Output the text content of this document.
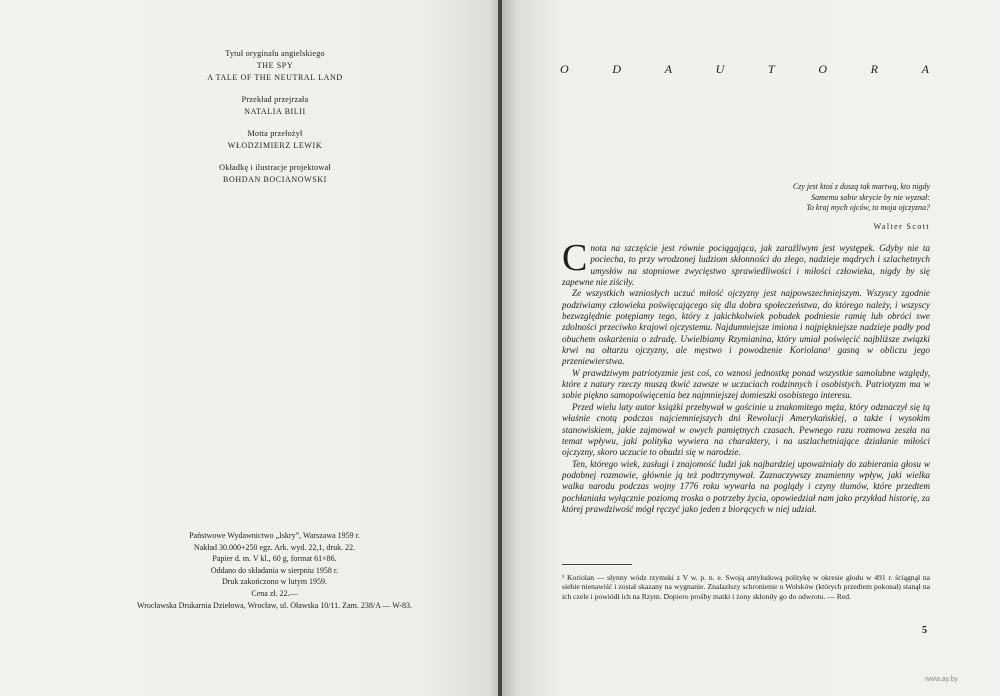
Tytuł oryginału angielskiego
THE SPY
A TALE OF THE NEUTRAL LAND
Przekład przejrzała
NATALIA BILII
Motta przełożył
WŁODZIMIERZ LEWIK
Okładkę i ilustracje projektował
BOHDAN BOCIANOWSKI
Państwowe Wydawnictwo „Iskry”, Warszawa 1959 r.
Nakład 30.000+250 egz. Ark. wyd. 22,1, druk. 22.
Papier d. m. V kl., 60 g, format 61×86.
Oddano do składania w sierpniu 1958 r.
Druk zakończono w lutym 1959.
Cena zł. 22.—
Wrocławska Drukarnia Dziełowa, Wrocław, ul. Oławska 10/11. Zam. 238/A — W-83.
O	D	A	U	T	O	R	A
Czy jest ktoś z duszą tak martwą, kto nigdy
Samemu sobie skrycie by nie wyznał:
To kraj mych ojców, to moja ojczyzna?
Walter Scott

Cnota na szczęście jest równie pociągająca, jak zaraźliwym jest występek. Gdyby nie ta pociecha, to przy wrodzonej ludziom skłonności do złego, nadzieje mądrych i szlachetnych umysłów na stopniowe zwycięstwo sprawiedliwości i miłości człowieka, nigdy by się zapewne nie ziściły.

Ze wszystkich wzniosłych uczuć miłość ojczyzny jest najpowszechniejszym. Wszyscy zgodnie podziwiamy człowieka poświęcającego się dla dobra społeczeństwa, do którego należy, i wszyscy bezwzględnie potępiamy tego, który z jakichkolwiek pobudek podniesie ramię lub obróci swe zdolności przeciwko krajowi ojczystemu. Najdumniejsze imiona i najpiękniejsze nadzieje padły pod obuchem oskarżenia o zdradę. Uwielbiamy Rzymianina, który umiał poświęcić najbliższe związki krwi na ołtarzu ojczyzny, ale męstwo i powodzenie Koriolana¹ gasną w obliczu jego przeniewierstwa.

W prawdziwym patriotyzmie jest coś, co wznosi jednostkę ponad wszystkie samolubne względy, które z natury rzeczy muszą tkwić zawsze w uczuciach rodzinnych i osobistych. Patriotyzm ma w sobie piękno samopoświęcenia bez najmniejszej domieszki osobistego interesu.

Przed wielu laty autor książki przebywał w gościnie u znakomitego męża, który odznaczył się tą właśnie cnotą podczas najciemniejszych dni Rewolucji Amerykańskiej, a także i wysokim stanowiskiem, jakie zajmował w owych pamiętnych czasach. Pewnego razu rozmowa zeszła na temat wpływu, jaki polityka wywiera na charaktery, i na uszlachetniające działanie miłości ojczyzny, skoro uczucie to obudzi się w narodzie.

Ten, którego wiek, zasługi i znajomość ludzi jak najbardziej upoważniały do zabierania głosu w podobnej rozmowie, głównie ją też podtrzymywał. Zaznaczywszy znamienny wpływ, jaki wielka walka narodu podczas wojny 1776 roku wywarła na poglądy i czyny tłumów, które przedtem pochłaniała wyłącznie poziomą troska o potrzeby życia, opowiedział nam jako przykład historię, za której prawdziwość mógł ręczyć jako jeden z biorących w niej udział.

¹ Koriolan — słynny wódz rzymski z V w. p. n. e. Swoją antyludową politykę w okresie głodu w 491 r. ściągnął na siebie nienawiść i został skazany na wygnanie. Znalazłszy schronienie u Wolsków (których przedtem pokonał) stanął na ich czele i powiódł ich na Rzym. Dopiero prośby matki i żony skłoniły go do odwrotu. — Red.
5
www.ay.by
